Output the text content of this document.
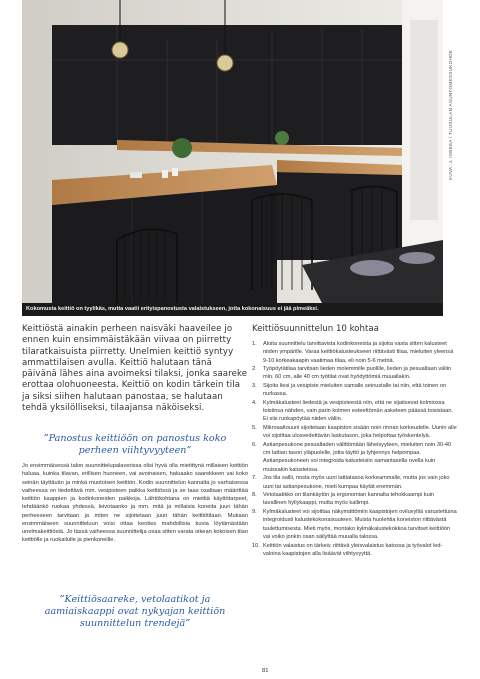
Kokomusta keittiö on tyylikäs, mutta vaatii erityispanostusta valaistukseen, jotta kokonaisuus ei jää pimeäksi.
KUVA: J. ISBEEA / TUUSULAN ASUNTOMESSUKOHDE
Keittiöstä ainakin perheen naisväki haaveilee jo ennen kuin ensimmäistäkään viivaa on piirretty tilaratkaisuista piirretty. Unelmien keittiö syntyy ammattilaisen avulla. Keittiö halutaan tänä päivänä lähes aina avoimeksi tilaksi, jonka saareke erottaa olohuoneesta. Keittiö on kodin tärkein tila ja siksi siihen halutaan panostaa, se halutaan tehdä yksilölliseksi, tilaajansa näköiseksi.
”Panostus keittiöön on panostus koko perheen viihtyvyyteen”
Jo ensimmäisessä talon suunnittelupalaverissa olisi hyvä olla mietittynä millaisen keittiön haluaa, kuinka tilavan, erillisen huoneen, vai avoinaisen, haluaako saarekkeen vai koko seinän täyttävän ja minkä muotoisen keittiön. Kodin suunnittelun kannalta jo varhaisessa vaiheessa on tiedettävä mm. vesipisteen paikka keittiössä ja se taas osaltaan määrittää keittiön kaappien ja kodinkoneiden paikkoja. Lähtökohtana on miettiä käyttötarpeet, tehdäänkö ruokaa yhdessä, leivotaanko ja mm. mitä ja millaisia koneita juuri tähän perheeseen tarvitaan ja miten ne sijoitetaan juuri tähän keittiötilaan. Mukaan ensimmäiseen suunnitteluun voisi ottaa kenties mahdollisia kuvia löytämästään unelmakeittiöstä. Jo tässä vaiheessa suunnittelija osaa sitten varata oikean kokoisen tilan keittiölle ja ruokailulle ja pienkoneille.
”Keittiösaareke, vetolaatikot ja aamiaiskaappi ovat nykyajan keittiön suunnittelun trendejä”
Keittiösuunnittelun 10 kohtaa
1. Aloita suunnittelu tarvittavista kodinkoneista ja sijoita vasta sitten kalusteet niiden ympärille. Varaa keittiökalusteukseen riittävästi tilaa, mieluiten yleensä 9-10 korkeakaapin vaatimaa tilaa, eli noin 5-6 metriä.
2. Työpöytätilaa tarvitsan lieden molemmille puolille, lieden ja pesualtaan väliin min. 60 cm, alle 40 cm työtilat ovat hyödyttömiä muuallakin.
3. Sijoita liesi ja vesipiste mieluiten samalle seinustalle tai niin, että toinen on nurkassa.
4. Kylmäkalusteet liedestä ja vesipisteestä niin, että ne sijaitsevat kolmiossa toisiinsa nähden, vain parin kolmen esteettömän askeleen päässä toisistaan. Ei siis ruokapöytää niiden väliin.
5. Mikroaaltouuni sijoitetaan kaapiston sisään noin rinnan korkeudelle. Uunin alle voi sijoittaa ulosvedettävän laskutason, joka helpottaa työskentelyä.
6. Astianpesukone pesualtaden välittömään läheisyyteen, mieluiten noin 30-40 cm lattian tason yläpuolelle, jotta täyttö ja tyhjennys helpompaa. Astianpesukoneen voi integroida kalusteisiin samantasella ovella kuin muissakin kalusteissa.
7. Jos tila sallii, nosta myös uuni lattiatasoa korkeammalle, mutta jos vain joko uuni tai astianpesukone, mieti kumpaa käytät enemmän.
8. Vetolaatikko on tilankäytön ja ergonomian kannalta tehokkaampi kuin tavallinen hyllykaappi, mutta myös kallimpi.
9. Kylmäkalusteet voi sijoittaa näkymättömiin kaapistojen oviluvylliä varustettuina integroidusti kalustekokonaisuuteen. Muista huolehtia koneiston riittävästä tuulettumisesta. Mieti myös, montako kylmäkalustekokkoa tarvitset keittiöön vai voiko jonkin osan säilyttää muualla talossa.
10. Keittiön valaistus on tärkeä: riittävä yleisvalaistus katossa ja työvalot led-valoina kaapistojen alla lisäävät viihtyvyyttä.
81
